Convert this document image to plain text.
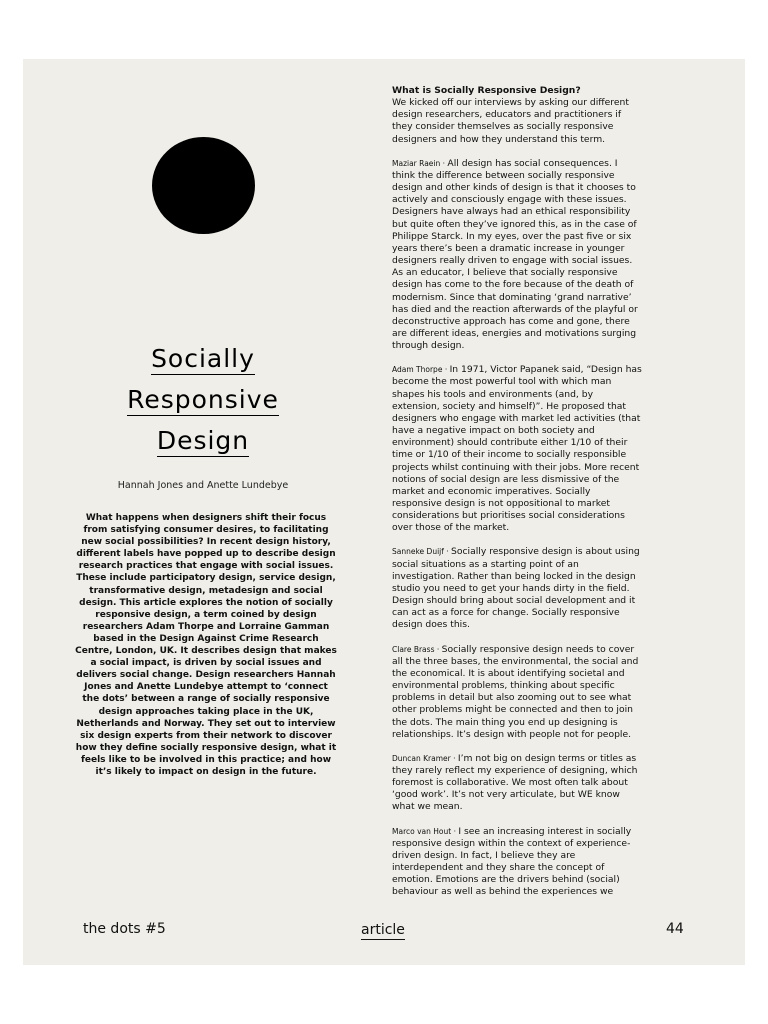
Socially
Responsive
Design
Hannah Jones and Anette Lundebye
What happens when designers shift their focus from satisfying consumer desires, to facilitating new social possibilities? In recent design history, different labels have popped up to describe design research practices that engage with social issues. These include participatory design, service design, transformative design, metadesign and social design. This article explores the notion of socially responsive design, a term coined by design researchers Adam Thorpe and Lorraine Gamman based in the Design Against Crime Research Centre, London, UK. It describes design that makes a social impact, is driven by social issues and delivers social change. Design researchers Hannah Jones and Anette Lundebye attempt to ‘connect the dots’ between a range of socially responsive design approaches taking place in the UK, Netherlands and Norway. They set out to interview six design experts from their network to discover how they define socially responsive design, what it feels like to be involved in this practice; and how it’s likely to impact on design in the future.

What is Socially Responsive Design?
We kicked off our interviews by asking our different design researchers, educators and practitioners if they consider themselves as socially responsive designers and how they understand this term.

Maziar Raein · All design has social consequences. I think the difference between socially responsive design and other kinds of design is that it chooses to actively and consciously engage with these issues. Designers have always had an ethical responsibility but quite often they’ve ignored this, as in the case of Philippe Starck. In my eyes, over the past five or six years there’s been a dramatic increase in younger designers really driven to engage with social issues. As an educator, I believe that socially responsive design has come to the fore because of the death of modernism. Since that dominating ‘grand narrative’ has died and the reaction afterwards of the playful or deconstructive approach has come and gone, there are different ideas, energies and motivations surging through design.

Adam Thorpe · In 1971, Victor Papanek said, “Design has become the most powerful tool with which man shapes his tools and environments (and, by extension, society and himself)”. He proposed that designers who engage with market led activities (that have a negative impact on both society and environment) should contribute either 1/10 of their time or 1/10 of their income to socially responsible projects whilst continuing with their jobs. More recent notions of social design are less dismissive of the market and economic imperatives. Socially responsive design is not oppositional to market considerations but prioritises social considerations over those of the market.

Sanneke Duijf · Socially responsive design is about using social situations as a starting point of an investigation. Rather than being locked in the design studio you need to get your hands dirty in the field. Design should bring about social development and it can act as a force for change. Socially responsive design does this.

Clare Brass · Socially responsive design needs to cover all the three bases, the environmental, the social and the economical. It is about identifying societal and environmental problems, thinking about specific problems in detail but also zooming out to see what other problems might be connected and then to join the dots. The main thing you end up designing is relationships. It’s design with people not for people.

Duncan Kramer · I’m not big on design terms or titles as they rarely reflect my experience of designing, which foremost is collaborative. We most often talk about ‘good work’. It’s not very articulate, but WE know what we mean.

Marco van Hout · I see an increasing interest in socially responsive design within the context of experience-driven design. In fact, I believe they are interdependent and they share the concept of emotion. Emotions are the drivers behind (social) behaviour as well as behind the experiences we

the dots #5	article	44
